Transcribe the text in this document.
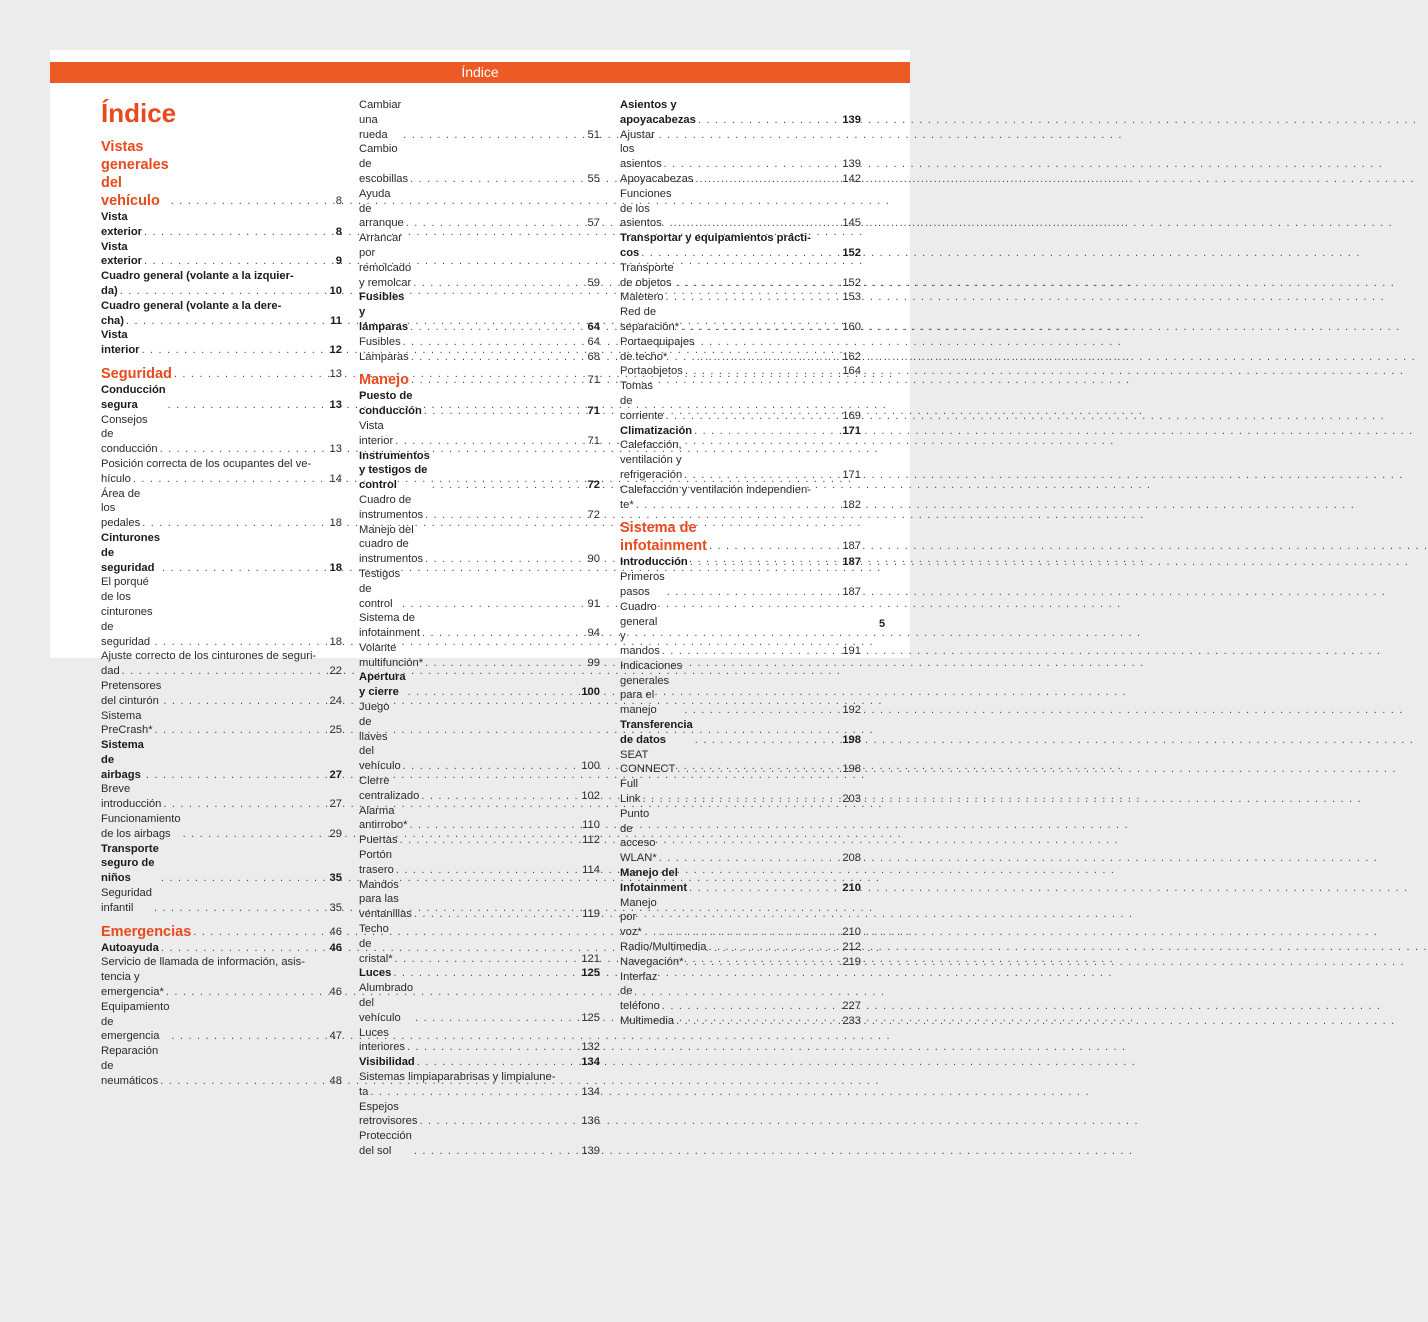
Índice
Índice
Vistas generales del vehículo . . .	8
Vista exterior . . .	8
Vista exterior . . .	9
Cuadro general (volante a la izquier-
da) . . .	10
Cuadro general (volante a la dere-
cha) . . .	11
Vista interior . . .	12
Seguridad . . .	13
Conducción segura . . .	13
Consejos de conducción . . .	13
Posición correcta de los ocupantes del ve-
hículo . . .	14
Área de los pedales . . .	18
Cinturones de seguridad . . .	18
El porqué de los cinturones de seguridad . . .	18
Ajuste correcto de los cinturones de seguri-
dad . . .	22
Pretensores del cinturón . . .	24
Sistema PreCrash* . . .	25
Sistema de airbags . . .	27
Breve introducción . . .	27
Funcionamiento de los airbags . . .	29
Transporte seguro de niños . . .	35
Seguridad infantil . . .	35
Emergencias . . .	46
Autoayuda . . .	46
Servicio de llamada de información, asis-
tencia y emergencia* . . .	46
Equipamiento de emergencia . . .	47
Reparación de neumáticos . . .	48
Cambiar una rueda . . .	51
Cambio de escobillas . . .	55
Ayuda de arranque . . .	57
Arrancar por remolcado y remolcar . . .	59
Fusibles y lámparas . . .	64
Fusibles . . .	64
Lámparas . . .	68
Manejo . . .	71
Puesto de conducción . . .	71
Vista interior . . .	71
Instrumentos y testigos de control . . .	72
Cuadro de instrumentos . . .	72
Manejo del cuadro de instrumentos . . .	90
Testigos de control . . .	91
Sistema de infotainment . . .	94
Volante multifunción* . . .	99
Apertura y cierre . . .	100
Juego de llaves del vehículo . . .	100
Cierre centralizado . . .	102
Alarma antirrobo* . . .	110
Puertas . . .	112
Portón trasero . . .	114
Mandos para las ventanillas . . .	119
Techo de cristal* . . .	121
Luces . . .	125
Alumbrado del vehículo . . .	125
Luces interiores . . .	132
Visibilidad . . .	134
Sistemas limpiaparabrisas y limpialune-
ta . . .	134
Espejos retrovisores . . .	136
Protección del sol . . .	139
Asientos y apoyacabezas . . .	139
Ajustar los asientos . . .	139
Apoyacabezas . . .	142
Funciones de los asientos . . .	145
Transportar y equipamientos prácti-
cos . . .	152
Transporte de objetos . . .	152
Maletero . . .	153
Red de separación* . . .	160
Portaequipajes de techo* . . .	162
Portaobjetos . . .	164
Tomas de corriente . . .	169
Climatización . . .	171
Calefacción, ventilación y refrigeración . . .	171
Calefacción y ventilación independien-
te* . . .	182
Sistema de infotainment . . .	187
Introducción . . .	187
Primeros pasos . . .	187
Cuadro general y mandos . . .	191
Indicaciones generales para el manejo . . .	192
Transferencia de datos . . .	198
SEAT CONNECT . . .	198
Full Link . . .	203
Punto de acceso WLAN* . . .	208
Manejo del Infotainment . . .	210
Manejo por voz* . . .	210
Radio/Multimedia . . .	212
Navegación* . . .	219
Interfaz de teléfono . . .	227
Multimedia . . .	233
5
